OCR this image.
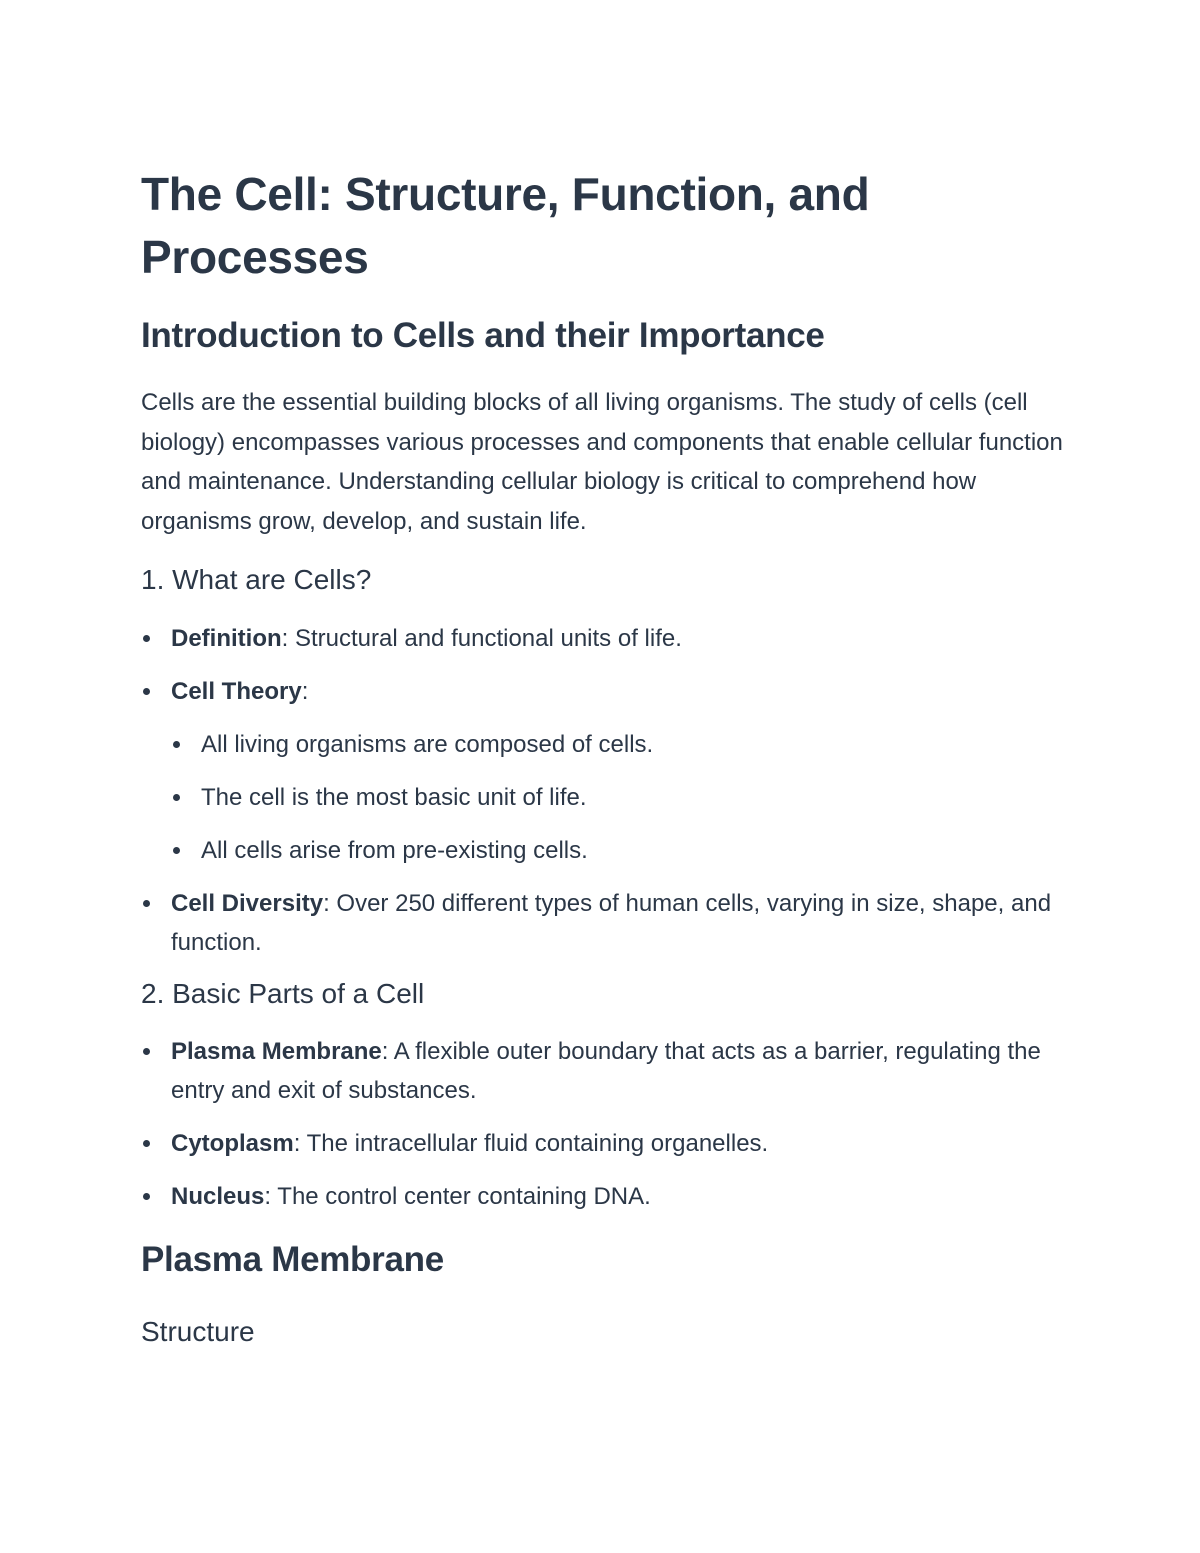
The Cell: Structure, Function, and Processes
Introduction to Cells and their Importance

Cells are the essential building blocks of all living organisms. The study of cells (cell biology) encompasses various processes and components that enable cellular function and maintenance. Understanding cellular biology is critical to comprehend how organisms grow, develop, and sustain life.

1. What are Cells?
Definition: Structural and functional units of life.
Cell Theory:
All living organisms are composed of cells.
The cell is the most basic unit of life.
All cells arise from pre-existing cells.
Cell Diversity: Over 250 different types of human cells, varying in size, shape, and function.
2. Basic Parts of a Cell
Plasma Membrane: A flexible outer boundary that acts as a barrier, regulating the entry and exit of substances.
Cytoplasm: The intracellular fluid containing organelles.
Nucleus: The control center containing DNA.
Plasma Membrane
Structure
